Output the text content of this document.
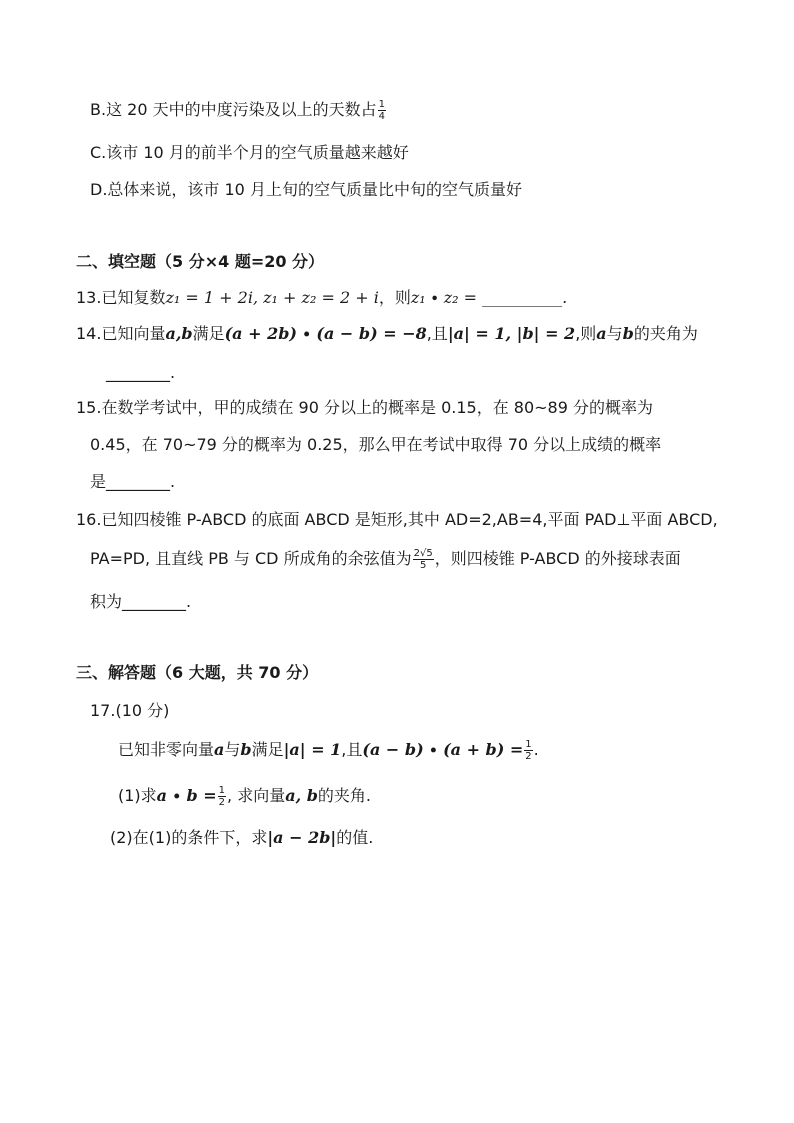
B.这 20 天中的中度污染及以上的天数占 $\frac{1}{4}$
C.该市 10 月的前半个月的空气质量越来越好
D.总体来说，该市 10 月上旬的空气质量比中旬的空气质量好
二、填空题（5 分×4 题=20 分）
13.已知复数z₁ = 1 + 2i, z₁ + z₂ = 2 + i，则z₁ ∙ z₂ = __________.
14.已知向量a,b满足(a + 2b) ∙ (a − b) = −8,且|a| = 1, |b| = 2,则a与b的夹角为
________.
15.在数学考试中，甲的成绩在 90 分以上的概率是 0.15，在 80~89 分的概率为
0.45，在 70~79 分的概率为 0.25，那么甲在考试中取得 70 分以上成绩的概率
是________.
16.已知四棱锥 P-ABCD 的底面 ABCD 是矩形,其中 AD=2,AB=4,平面 PAD⊥平面 ABCD,
PA=PD, 且直线 PB 与 CD 所成角的余弦值为 $\frac{2√5}{5}$ ，则四棱锥 P-ABCD 的外接球表面
积为________.
三、解答题（6 大题，共 70 分）
17.(10 分)
已知非零向量a与b满足|a| = 1,且$(a - b) \cdot (a + b) = \frac{1}{2}$ .
(1)求$a \cdot b = \frac{1}{2}$ , 求向量a, b的夹角.
(2)在(1)的条件下，求|a − 2b|的值.
